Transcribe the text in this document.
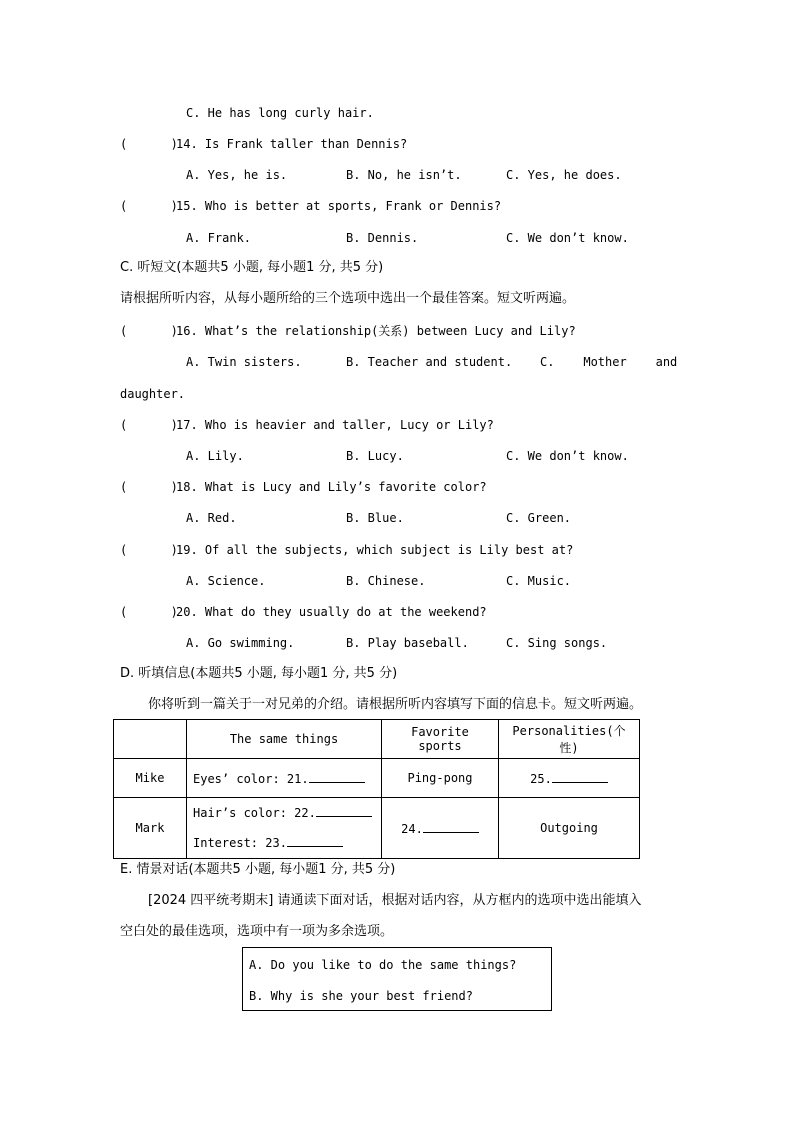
C. He has long curly hair.
(      )
14. Is Frank taller than Dennis?
A. Yes, he is.	B. No, he isn’t.	C. Yes, he does.
(      )
15. Who is better at sports, Frank or Dennis?
A. Frank.	B. Dennis.	C. We don’t know.
C. 听短文(本题共5 小题, 每小题1 分, 共5 分)
请根据所听内容，从每小题所给的三个选项中选出一个最佳答案。短文听两遍。
(      )
16. What’s the relationship(关系) between Lucy and Lily?
A. Twin sisters.	B. Teacher and student. C.    Mother    and
daughter.
(      )
17. Who is heavier and taller, Lucy or Lily?
A. Lily.	B. Lucy.	C. We don’t know.
(      )
18. What is Lucy and Lily’s favorite color?
A. Red.	B. Blue.	C. Green.
(      )
19. Of all the subjects, which subject is Lily best at?
A. Science.	B. Chinese.	C. Music.
(      )
20. What do they usually do at the weekend?
A. Go swimming.	B. Play baseball.	C. Sing songs.
D. 听填信息(本题共5 小题, 每小题1 分, 共5 分)
你将听到一篇关于一对兄弟的介绍。请根据所听内容填写下面的信息卡。短文听两遍。
	The same things	Favorite sports	Personalities(个性)
Mike	Eyes’ color: 21.	Ping-pong	25.
Mark	Hair’s color: 22.
Interest: 23.	24.	Outgoing
E. 情景对话(本题共5 小题, 每小题1 分, 共5 分)
[2024 四平统考期末] 请通读下面对话，根据对话内容，从方框内的选项中选出能填入
空白处的最佳选项，选项中有一项为多余选项。
A. Do you like to do the same things?
B. Why is she your best friend?
